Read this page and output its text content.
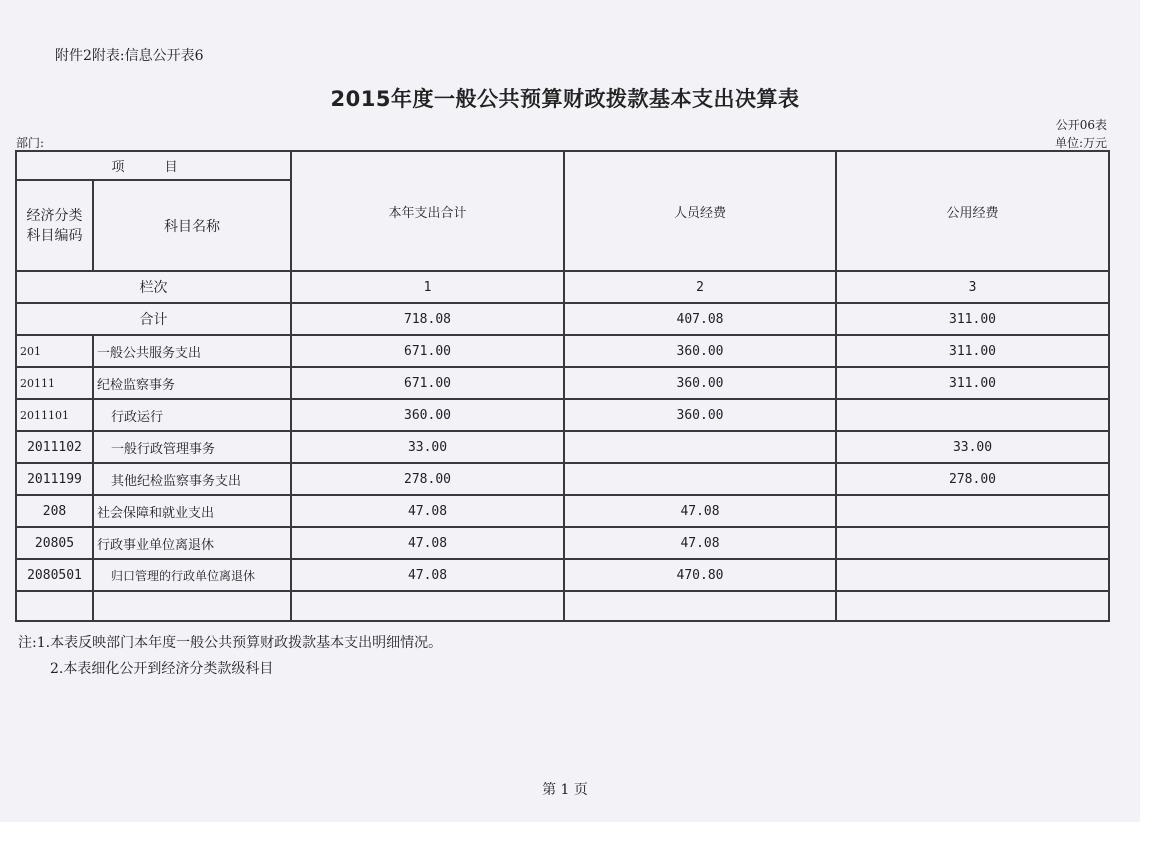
附件2附表:信息公开表6
2015年度一般公共预算财政拨款基本支出决算表
公开06表
部门:	单位:万元
项 目		本年支出合计	人员经费	公用经费
经济分类
科目编码	科目名称			
栏次		1	2	3
合计		718.08	407.08	311.00
201	一般公共服务支出	671.00	360.00	311.00
20111	纪检监察事务	671.00	360.00	311.00
2011101	行政运行	360.00	360.00	
2011102	一般行政管理事务	33.00		33.00
2011199	其他纪检监察事务支出	278.00		278.00
208	社会保障和就业支出	47.08	47.08	
20805	行政事业单位离退休	47.08	47.08	
2080501	归口管理的行政单位离退休	47.08	470.80	

注:1.本表反映部门本年度一般公共预算财政拨款基本支出明细情况。
2.本表细化公开到经济分类款级科目
第 1 页
